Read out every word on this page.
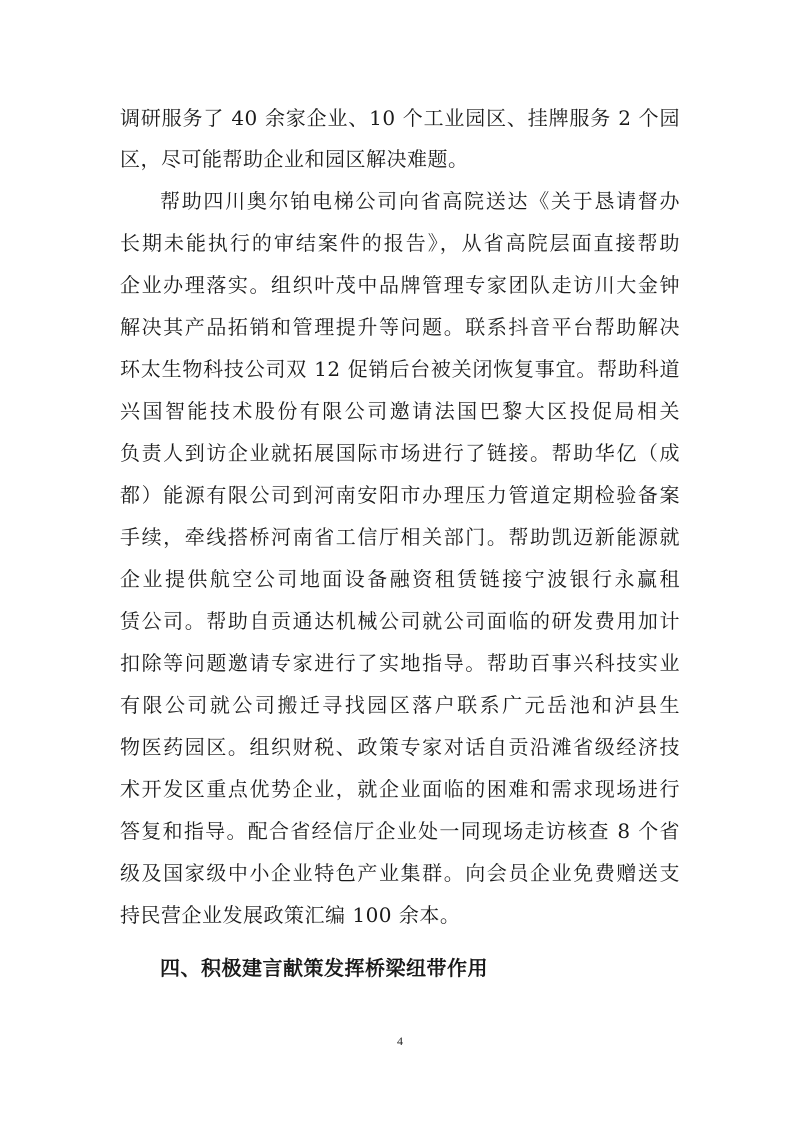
调研服务了 40 余家企业、10 个工业园区、挂牌服务 2 个园
区，尽可能帮助企业和园区解决难题。
帮助四川奥尔铂电梯公司向省高院送达《关于恳请督办
长期未能执行的审结案件的报告》，从省高院层面直接帮助
企业办理落实。组织叶茂中品牌管理专家团队走访川大金钟
解决其产品拓销和管理提升等问题。联系抖音平台帮助解决
环太生物科技公司双 12 促销后台被关闭恢复事宜。帮助科道
兴国智能技术股份有限公司邀请法国巴黎大区投促局相关
负责人到访企业就拓展国际市场进行了链接。帮助华亿（成
都）能源有限公司到河南安阳市办理压力管道定期检验备案
手续，牵线搭桥河南省工信厅相关部门。帮助凯迈新能源就
企业提供航空公司地面设备融资租赁链接宁波银行永赢租
赁公司。帮助自贡通达机械公司就公司面临的研发费用加计
扣除等问题邀请专家进行了实地指导。帮助百事兴科技实业
有限公司就公司搬迁寻找园区落户联系广元岳池和泸县生
物医药园区。组织财税、政策专家对话自贡沿滩省级经济技
术开发区重点优势企业，就企业面临的困难和需求现场进行
答复和指导。配合省经信厅企业处一同现场走访核查 8 个省
级及国家级中小企业特色产业集群。向会员企业免费赠送支
持民营企业发展政策汇编 100 余本。
四、积极建言献策发挥桥梁纽带作用
4
